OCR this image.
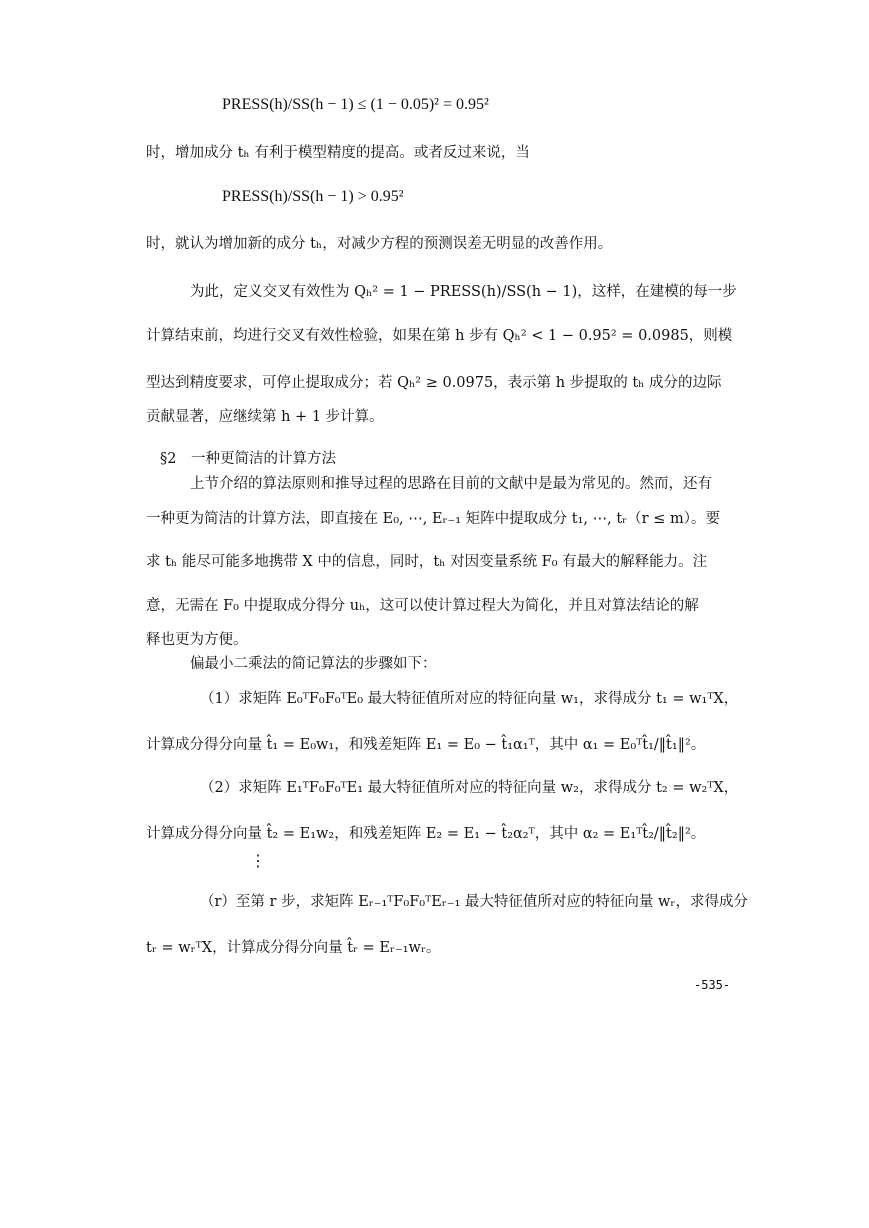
PRESS(h)/SS(h − 1) ≤ (1 − 0.05)² = 0.95²
时，增加成分 tₕ 有利于模型精度的提高。或者反过来说，当
PRESS(h)/SS(h − 1) > 0.95²
时，就认为增加新的成分 tₕ，对减少方程的预测误差无明显的改善作用。
为此，定义交叉有效性为 Qₕ² = 1 − PRESS(h)/SS(h − 1)，这样，在建模的每一步
计算结束前，均进行交叉有效性检验，如果在第 h 步有 Qₕ² < 1 − 0.95² = 0.0985，则模
型达到精度要求，可停止提取成分；若 Qₕ² ≥ 0.0975，表示第 h 步提取的 tₕ 成分的边际
贡献显著，应继续第 h + 1 步计算。
§2　一种更简洁的计算方法
上节介绍的算法原则和推导过程的思路在目前的文献中是最为常见的。然而，还有
一种更为简洁的计算方法，即直接在 E₀, ⋯, Eᵣ₋₁ 矩阵中提取成分 t₁, ⋯, tᵣ（r ≤ m）。要
求 tₕ 能尽可能多地携带 X 中的信息，同时，tₕ 对因变量系统 F₀ 有最大的解释能力。注
意，无需在 F₀ 中提取成分得分 uₕ，这可以使计算过程大为简化，并且对算法结论的解
释也更为方便。
偏最小二乘法的简记算法的步骤如下：
（1）求矩阵 E₀ᵀF₀F₀ᵀE₀ 最大特征值所对应的特征向量 w₁，求得成分 t₁ = w₁ᵀX，
计算成分得分向量 t̂₁ = E₀w₁，和残差矩阵 E₁ = E₀ − t̂₁α₁ᵀ，其中 α₁ = E₀ᵀt̂₁/‖t̂₁‖²。
（2）求矩阵 E₁ᵀF₀F₀ᵀE₁ 最大特征值所对应的特征向量 w₂，求得成分 t₂ = w₂ᵀX，
计算成分得分向量 t̂₂ = E₁w₂，和残差矩阵 E₂ = E₁ − t̂₂α₂ᵀ，其中 α₂ = E₁ᵀt̂₂/‖t̂₂‖²。
⋮
（r）至第 r 步，求矩阵 Eᵣ₋₁ᵀF₀F₀ᵀEᵣ₋₁ 最大特征值所对应的特征向量 wᵣ，求得成分
tᵣ = wᵣᵀX，计算成分得分向量 t̂ᵣ = Eᵣ₋₁wᵣ。
-535-
